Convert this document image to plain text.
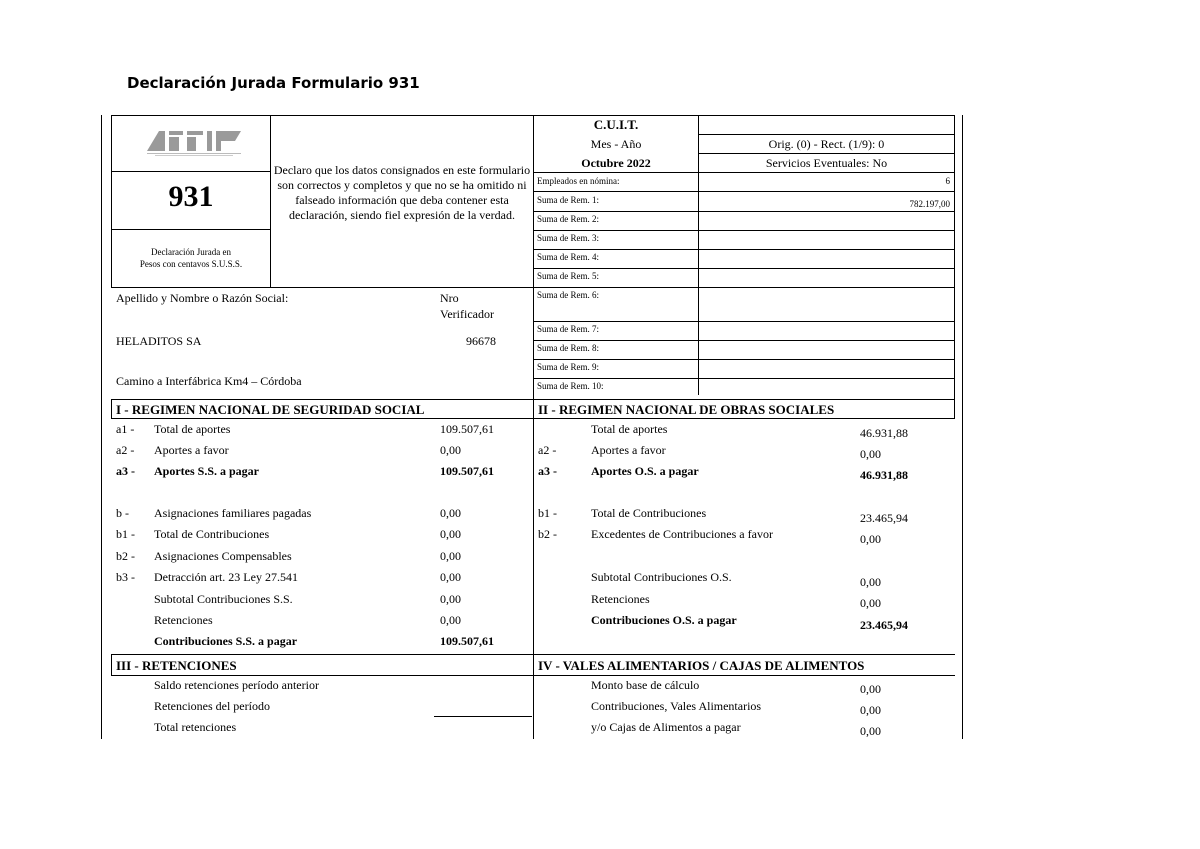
Declaración Jurada Formulario 931
931
Declaración Jurada en
Pesos con centavos S.U.S.S.
Declaro que los datos consignados en este formulario son correctos y completos y que no se ha omitido ni falseado información que deba contener esta declaración, siendo fiel expresión de la verdad.
C.U.I.T.
Mes - Año	Orig. (0) - Rect. (1/9): 0
Octubre 2022	Servicios Eventuales: No
Empleados en nómina:	6
Suma de Rem. 1:	782.197,00
Suma de Rem. 2:
Suma de Rem. 3:
Suma de Rem. 4:
Suma de Rem. 5:
Suma de Rem. 6:
Suma de Rem. 7:
Suma de Rem. 8:
Suma de Rem. 9:
Suma de Rem. 10:
Apellido y Nombre o Razón Social:	Nro
Verificador
HELADITOS SA	96678
Camino a Interfábrica Km4 – Córdoba
I - REGIMEN NACIONAL DE SEGURIDAD SOCIAL
a1 - Total de aportes	109.507,61
a2 - Aportes a favor	0,00
a3 - Aportes S.S. a pagar	109.507,61
b - Asignaciones familiares pagadas	0,00
b1 - Total de Contribuciones	0,00
b2 - Asignaciones Compensables	0,00
b3 - Detracción art. 23 Ley 27.541	0,00
Subtotal Contribuciones S.S.	0,00
Retenciones	0,00
Contribuciones S.S. a pagar	109.507,61
II - REGIMEN NACIONAL DE OBRAS SOCIALES
Total de aportes	46.931,88
a2 -	Aportes a favor	0,00
a3 -	Aportes O.S. a pagar	46.931,88
b1 -	Total de Contribuciones	23.465,94
b2 -	Excedentes de Contribuciones a favor	0,00
Subtotal Contribuciones O.S.	0,00
Retenciones	0,00
Contribuciones O.S. a pagar	23.465,94
III - RETENCIONES
Saldo retenciones período anterior
Retenciones del período
Total retenciones
IV - VALES ALIMENTARIOS / CAJAS DE ALIMENTOS
Monto base de cálculo	0,00
Contribuciones, Vales Alimentarios	0,00
y/o Cajas de Alimentos a pagar	0,00
